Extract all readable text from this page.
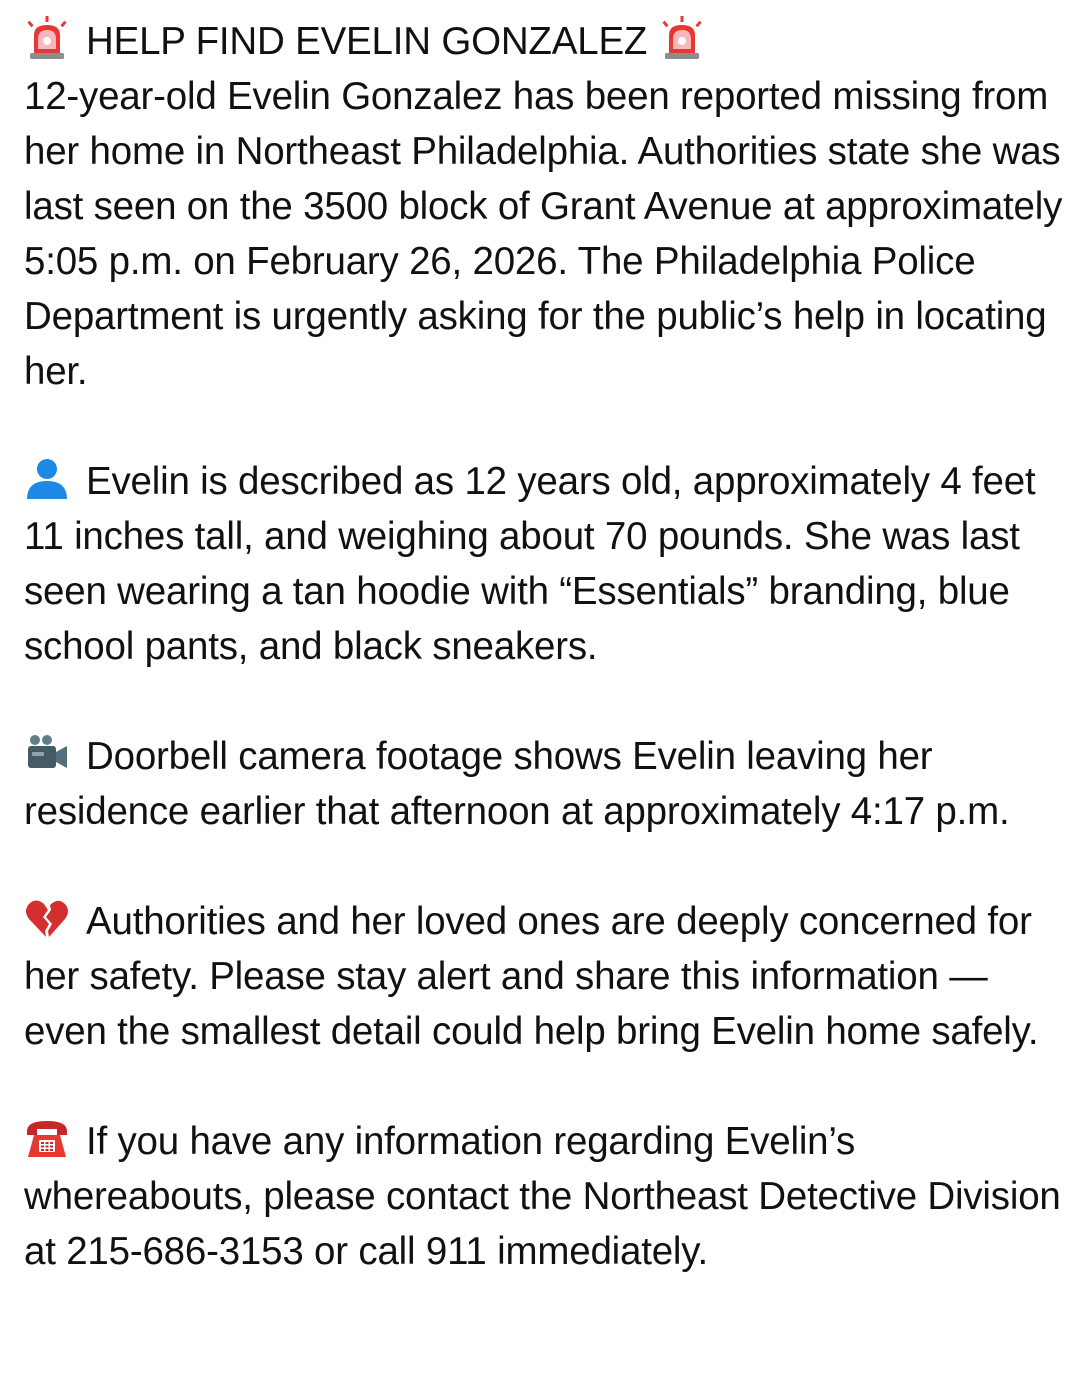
HELP FIND EVELIN GONZALEZ

12-year-old Evelin Gonzalez has been reported missing from her home in Northeast Philadelphia. Authorities state she was last seen on the 3500 block of Grant Avenue at approximately 5:05 p.m. on February 26, 2026. The Philadelphia Police Department is urgently asking for the public’s help in locating her.
Evelin is described as 12 years old, approximately 4 feet 11 inches tall, and weighing about 70 pounds. She was last seen wearing a tan hoodie with “Essentials” branding, blue school pants, and black sneakers.
Doorbell camera footage shows Evelin leaving her residence earlier that afternoon at approximately 4:17 p.m.
Authorities and her loved ones are deeply concerned for her safety. Please stay alert and share this information — even the smallest detail could help bring Evelin home safely.
If you have any information regarding Evelin’s whereabouts, please contact the Northeast Detective Division at 215-686-3153 or call 911 immediately.
